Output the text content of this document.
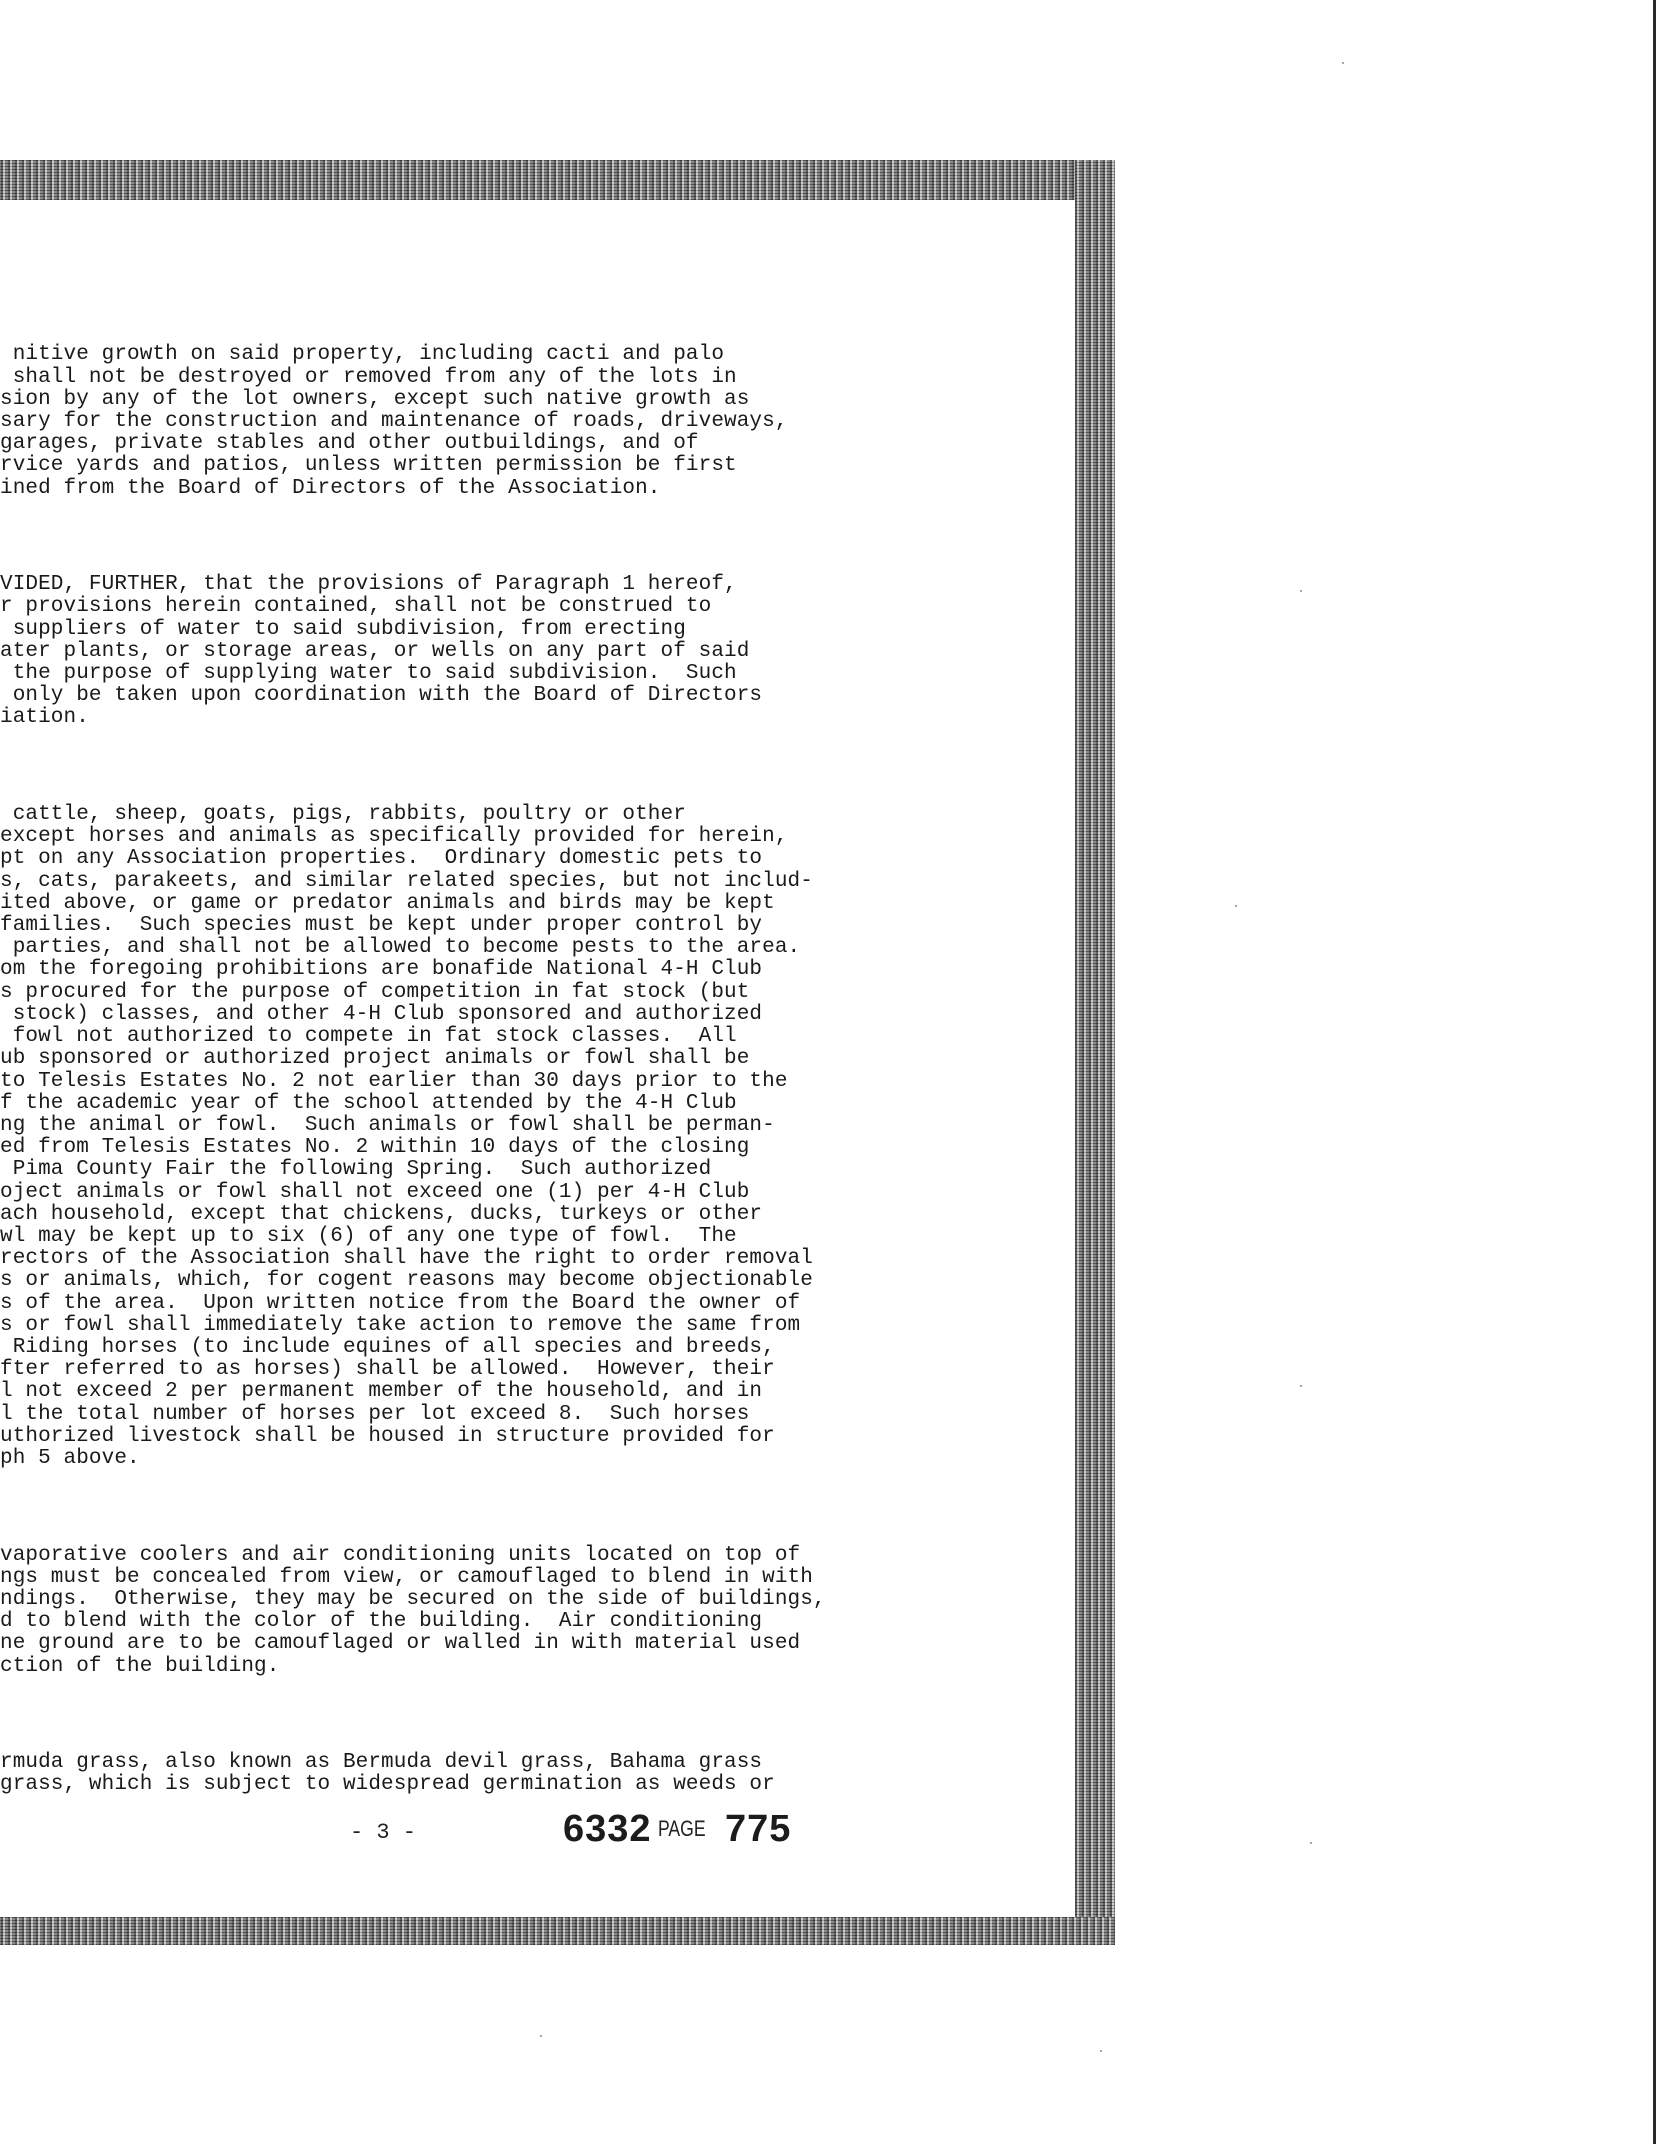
nitive growth on said property, including cacti and palo
shall not be destroyed or removed from any of the lots in
sion by any of the lot owners, except such native growth as
sary for the construction and maintenance of roads, driveways,
garages, private stables and other outbuildings, and of
rvice yards and patios, unless written permission be first
ined from the Board of Directors of the Association.

VIDED, FURTHER, that the provisions of Paragraph 1 hereof,
r provisions herein contained, shall not be construed to
suppliers of water to said subdivision, from erecting
ater plants, or storage areas, or wells on any part of said
the purpose of supplying water to said subdivision.  Such
only be taken upon coordination with the Board of Directors
iation.

cattle, sheep, goats, pigs, rabbits, poultry or other
except horses and animals as specifically provided for herein,
pt on any Association properties.  Ordinary domestic pets to
s, cats, parakeets, and similar related species, but not includ-
ited above, or game or predator animals and birds may be kept
families.  Such species must be kept under proper control by
parties, and shall not be allowed to become pests to the area.
om the foregoing prohibitions are bonafide National 4-H Club
s procured for the purpose of competition in fat stock (but
stock) classes, and other 4-H Club sponsored and authorized
fowl not authorized to compete in fat stock classes.  All
ub sponsored or authorized project animals or fowl shall be
to Telesis Estates No. 2 not earlier than 30 days prior to the
f the academic year of the school attended by the 4-H Club
ng the animal or fowl.  Such animals or fowl shall be perman-
ed from Telesis Estates No. 2 within 10 days of the closing
Pima County Fair the following Spring.  Such authorized
oject animals or fowl shall not exceed one (1) per 4-H Club
ach household, except that chickens, ducks, turkeys or other
wl may be kept up to six (6) of any one type of fowl.  The
rectors of the Association shall have the right to order removal
s or animals, which, for cogent reasons may become objectionable
s of the area.  Upon written notice from the Board the owner of
s or fowl shall immediately take action to remove the same from
Riding horses (to include equines of all species and breeds,
fter referred to as horses) shall be allowed.  However, their
l not exceed 2 per permanent member of the household, and in
l the total number of horses per lot exceed 8.  Such horses
uthorized livestock shall be housed in structure provided for
ph 5 above.

vaporative coolers and air conditioning units located on top of
ngs must be concealed from view, or camouflaged to blend in with
ndings.  Otherwise, they may be secured on the side of buildings,
d to blend with the color of the building.  Air conditioning
ne ground are to be camouflaged or walled in with material used
ction of the building.

rmuda grass, also known as Bermuda devil grass, Bahama grass
grass, which is subject to widespread germination as weeds or

- 3 -	6332 PAGE 775
